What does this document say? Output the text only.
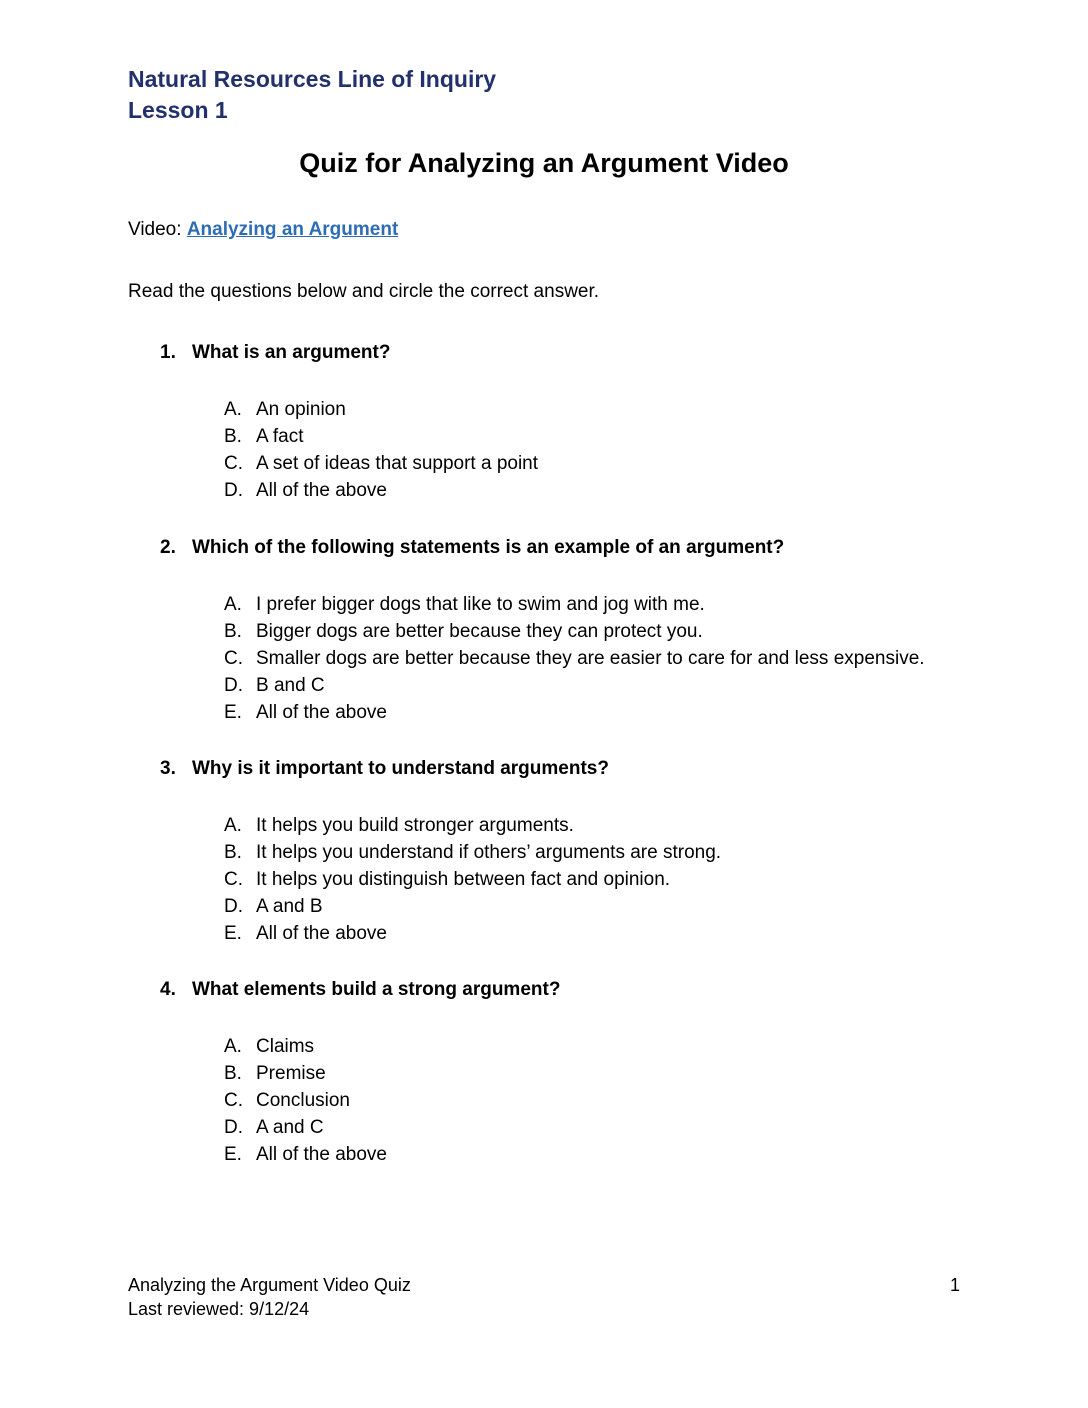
Natural Resources Line of Inquiry
Lesson 1
Quiz for Analyzing an Argument Video
Video: Analyzing an Argument
Read the questions below and circle the correct answer.
1. What is an argument?
A. An opinion
B. A fact
C. A set of ideas that support a point
D. All of the above
2. Which of the following statements is an example of an argument?
A. I prefer bigger dogs that like to swim and jog with me.
B. Bigger dogs are better because they can protect you.
C. Smaller dogs are better because they are easier to care for and less expensive.
D. B and C
E. All of the above
3. Why is it important to understand arguments?
A. It helps you build stronger arguments.
B. It helps you understand if others’ arguments are strong.
C. It helps you distinguish between fact and opinion.
D. A and B
E. All of the above
4. What elements build a strong argument?
A. Claims
B. Premise
C. Conclusion
D. A and C
E. All of the above
Analyzing the Argument Video Quiz
Last reviewed: 9/12/24
1
